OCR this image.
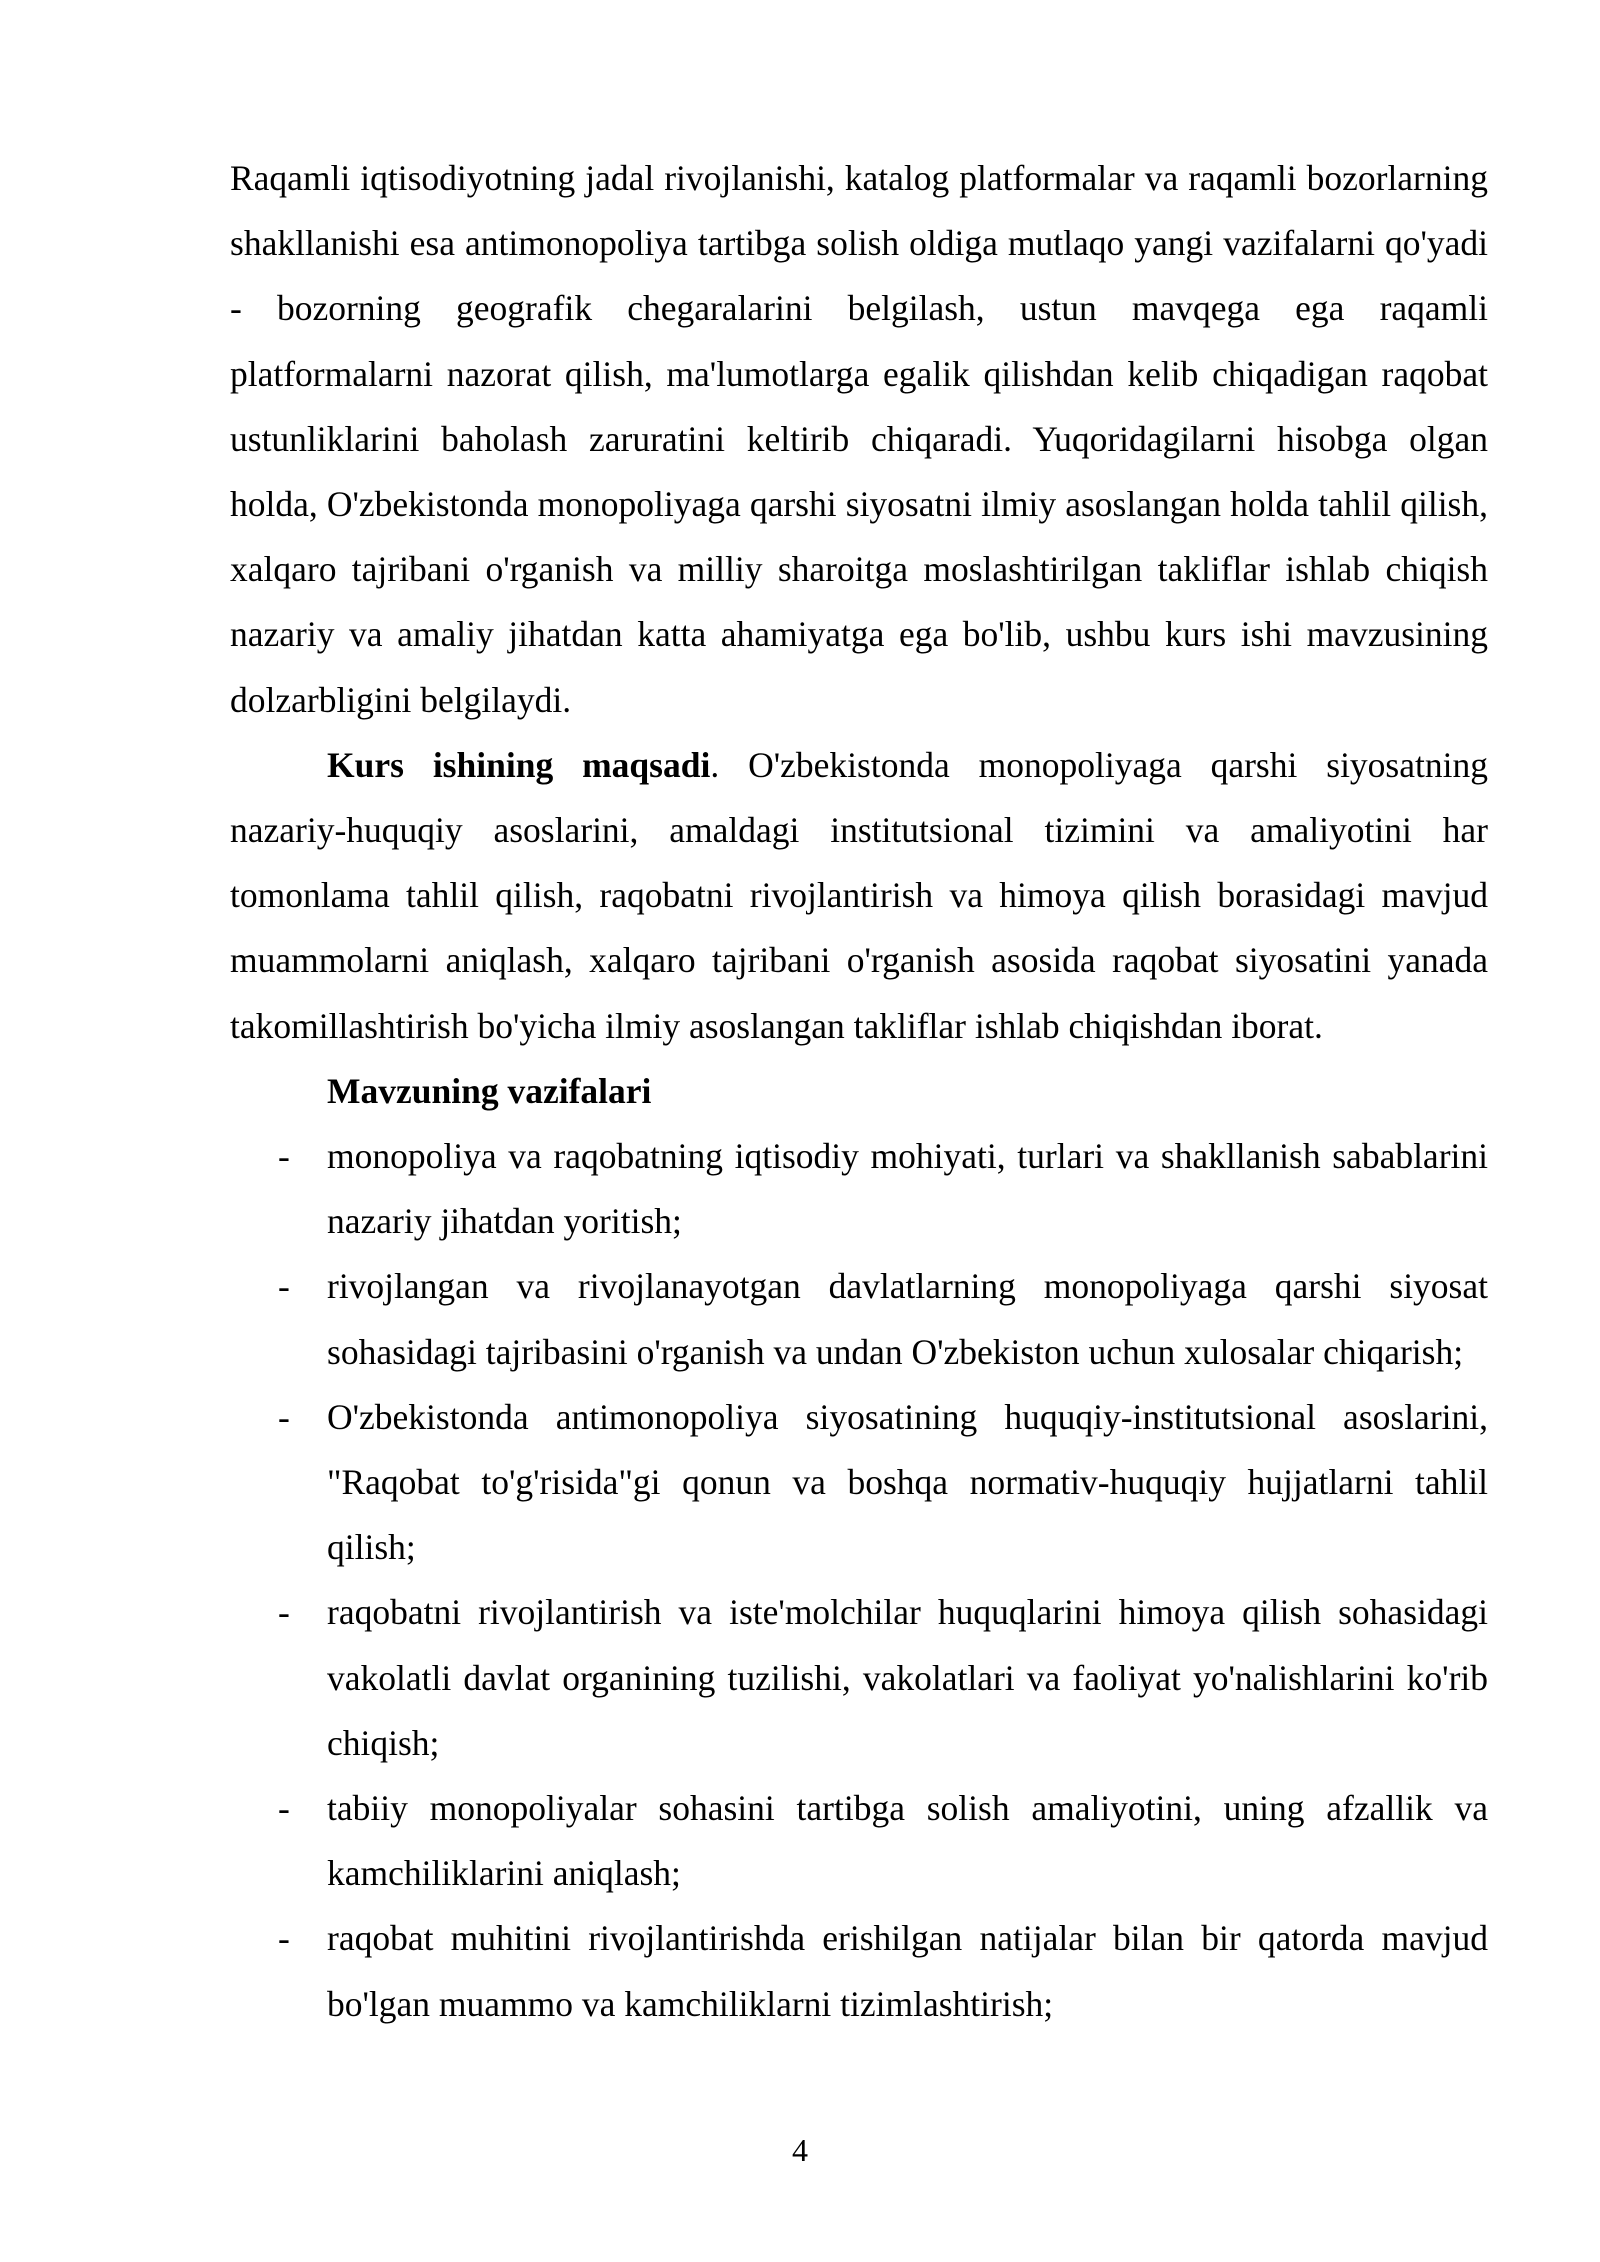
Raqamli iqtisodiyotning jadal rivojlanishi, katalog platformalar va raqamli bozorlarning shakllanishi esa antimonopoliya tartibga solish oldiga mutlaqo yangi vazifalarni qo'yadi - bozorning geografik chegaralarini belgilash, ustun mavqega ega raqamli platformalarni nazorat qilish, ma'lumotlarga egalik qilishdan kelib chiqadigan raqobat ustunliklarini baholash zaruratini keltirib chiqaradi. Yuqoridagilarni hisobga olgan holda, O'zbekistonda monopoliyaga qarshi siyosatni ilmiy asoslangan holda tahlil qilish, xalqaro tajribani o'rganish va milliy sharoitga moslashtirilgan takliflar ishlab chiqish nazariy va amaliy jihatdan katta ahamiyatga ega bo'lib, ushbu kurs ishi mavzusining dolzarbligini belgilaydi.

Kurs ishining maqsadi. O'zbekistonda monopoliyaga qarshi siyosatning nazariy-huquqiy asoslarini, amaldagi institutsional tizimini va amaliyotini har tomonlama tahlil qilish, raqobatni rivojlantirish va himoya qilish borasidagi mavjud muammolarni aniqlash, xalqaro tajribani o'rganish asosida raqobat siyosatini yanada takomillashtirish bo'yicha ilmiy asoslangan takliflar ishlab chiqishdan iborat.

Mavzuning vazifalari
- monopoliya va raqobatning iqtisodiy mohiyati, turlari va shakllanish sabablarini nazariy jihatdan yoritish;
- rivojlangan va rivojlanayotgan davlatlarning monopoliyaga qarshi siyosat sohasidagi tajribasini o'rganish va undan O'zbekiston uchun xulosalar chiqarish;
- O'zbekistonda antimonopoliya siyosatining huquqiy-institutsional asoslarini, "Raqobat to'g'risida"gi qonun va boshqa normativ-huquqiy hujjatlarni tahlil qilish;
- raqobatni rivojlantirish va iste'molchilar huquqlarini himoya qilish sohasidagi vakolatli davlat organining tuzilishi, vakolatlari va faoliyat yo'nalishlarini ko'rib chiqish;
- tabiiy monopoliyalar sohasini tartibga solish amaliyotini, uning afzallik va kamchiliklarini aniqlash;
- raqobat muhitini rivojlantirishda erishilgan natijalar bilan bir qatorda mavjud bo'lgan muammo va kamchiliklarni tizimlashtirish;
4
